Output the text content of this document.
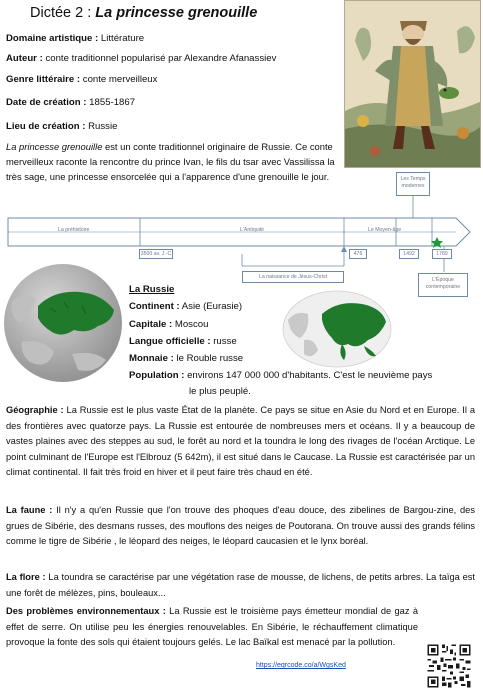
Dictée 2 : La princesse grenouille
Domaine artistique : Littérature
Auteur : conte traditionnel popularisé par Alexandre Afanassiev
Genre littéraire : conte merveilleux
Date de création : 1855-1867
Lieu de création : Russie
La princesse grenouille est un conte traditionnel originaire de Russie. Ce conte merveilleux raconte la rencontre du prince Ivan, le fils du tsar avec Vassilissa la très sage, une princesse ensorcelée qui a l'apparence d'une grenouille le jour.
La préhistoire	L'Antiquité	Le Moyen-âge
3500 av. J.-C	476	1492	1789
La naissance de Jésus-Christ
Les Temps
modernes
L'Époque
contemporaine
La Russie
Continent : Asie (Eurasie)
Capitale : Moscou
Langue officielle : russe
Monnaie : le Rouble russe
Population : environs 147 000 000 d'habitants. C'est le neuvième pays
le plus peuplé.
Géographie : La Russie est le plus vaste État de la planète. Ce pays se situe en Asie du Nord et en Europe. Il a des frontières avec quatorze pays. La Russie est entourée de nombreuses mers et océans. Il y a beaucoup de vastes plaines avec des steppes au sud, le forêt au nord et la toundra le long des rivages de l'océan Arctique. Le point culminant de l'Europe est l'Elbrouz (5 642m), il est situé dans le Caucase. La Russie est caractérisée par un climat continental. Il fait très froid en hiver et il peut faire très chaud en été.
La faune : Il n'y a qu'en Russie que l'on trouve des phoques d'eau douce, des zibelines de Bargou-zine, des grues de Sibérie, des desmans russes, des mouflons des neiges de Poutorana. On trouve aussi des grands félins comme le tigre de Sibérie , le léopard des neiges, le léopard caucasien et le lynx boréal.
La flore : La toundra se caractérise par une végétation rase de mousse, de lichens, de petits arbres. La taïga est une forêt de mélèzes, pins, bouleaux...
Des problèmes environnementaux : La Russie est le troisième pays émetteur mondial de gaz à effet de serre. On utilise peu les énergies renouvelables. En Sibérie, le réchauffement climatique provoque la fonte des sols qui étaient toujours gelés. Le lac Baïkal est menacé par la pollution.
https://eqrcode.co/a/WgsKed
